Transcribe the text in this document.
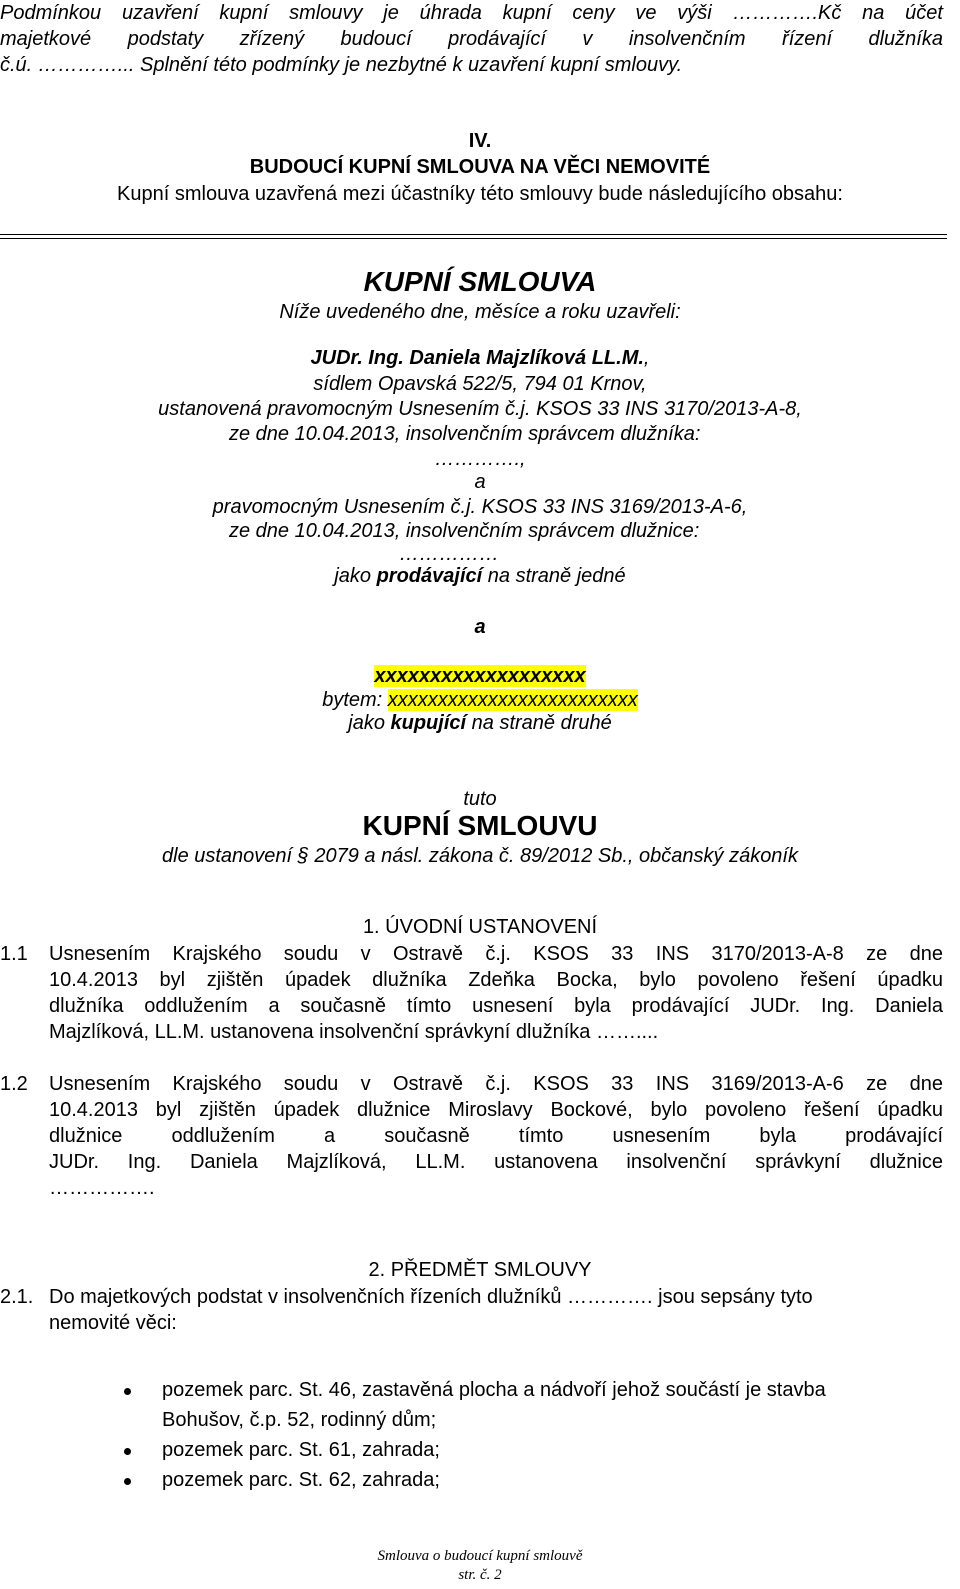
Podmínkou uzavření kupní smlouvy je úhrada kupní ceny ve výši ………….Kč na účet

majetkové podstaty zřízený budoucí prodávající v insolvenčním řízení dlužníka

č.ú. …………... Splnění této podmínky je nezbytné k uzavření kupní smlouvy.

IV.

BUDOUCÍ KUPNÍ SMLOUVA NA VĚCI NEMOVITÉ

Kupní smlouva uzavřená mezi účastníky této smlouvy bude následujícího obsahu:

KUPNÍ SMLOUVA

Níže uvedeného dne, měsíce a roku uzavřeli:

JUDr. Ing. Daniela Majzlíková LL.M.,

sídlem Opavská 522/5, 794 01 Krnov,

ustanovená pravomocným Usnesením č.j. KSOS 33 INS 3170/2013-A-8,

ze dne 10.04.2013, insolvenčním správcem dlužníka:

………….,

a

pravomocným Usnesením č.j. KSOS 33 INS 3169/2013-A-6,

ze dne 10.04.2013, insolvenčním správcem dlužnice:

……………

jako prodávající na straně jedné

a

xxxxxxxxxxxxxxxxxxx

bytem: xxxxxxxxxxxxxxxxxxxxxxxxx

jako kupující na straně druhé

tuto

KUPNÍ SMLOUVU

dle ustanovení § 2079 a násl. zákona č. 89/2012 Sb., občanský zákoník

1. ÚVODNÍ USTANOVENÍ

1.1 Usnesením Krajského soudu v Ostravě č.j. KSOS 33 INS 3170/2013-A-8 ze dne

10.4.2013 byl zjištěn úpadek dlužníka Zdeňka Bocka, bylo povoleno řešení úpadku

dlužníka oddlužením a současně tímto usnesení byla prodávající JUDr. Ing. Daniela

Majzlíková, LL.M. ustanovena insolvenční správkyní dlužníka ……....

1.2 Usnesením Krajského soudu v Ostravě č.j. KSOS 33 INS 3169/2013-A-6 ze dne

10.4.2013 byl zjištěn úpadek dlužnice Miroslavy Bockové, bylo povoleno řešení úpadku

dlužnice oddlužením a současně tímto usnesením byla prodávající

JUDr. Ing. Daniela Majzlíková, LL.M. ustanovena insolvenční správkyní dlužnice

…………….

2. PŘEDMĚT SMLOUVY

2.1. Do majetkových podstat v insolvenčních řízeních dlužníků …………. jsou sepsány tyto

nemovité věci:

pozemek parc. St. 46, zastavěná plocha a nádvoří jehož součástí je stavba
Bohušov, č.p. 52, rodinný dům;
pozemek parc. St. 61, zahrada;
pozemek parc. St. 62, zahrada;
Smlouva o budoucí kupní smlouvě
str. č. 2
